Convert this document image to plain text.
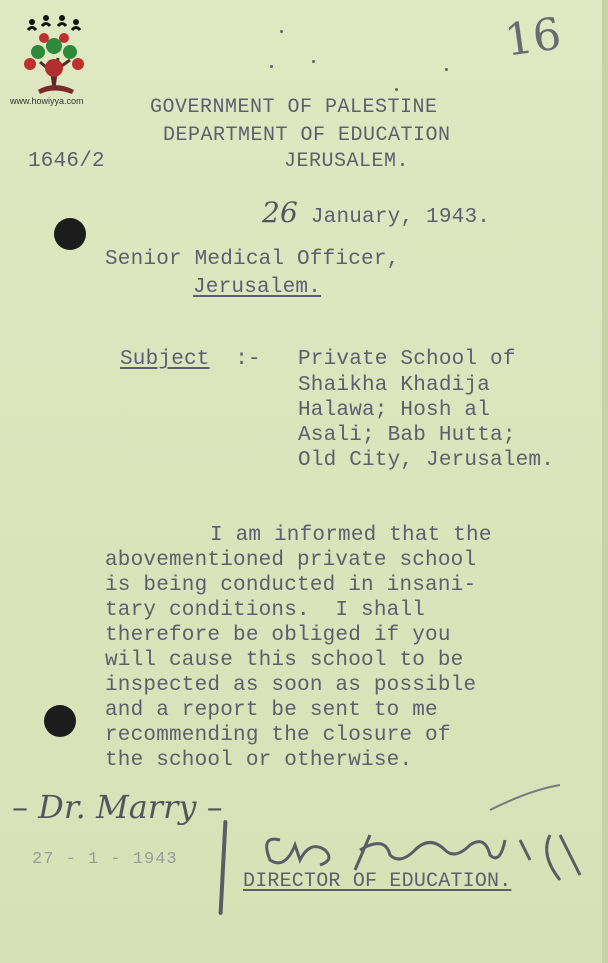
www.howiyya.com
16
GOVERNMENT OF PALESTINE
DEPARTMENT OF EDUCATION
JERUSALEM.
1646/2
26 January, 1943.
Senior Medical Officer,
Jerusalem.
Subject  :- Private School of
Shaikha Khadija
Halawa; Hosh al
Asali; Bab Hutta;
Old City, Jerusalem.
I am informed that the
abovementioned private school
is being conducted in insani-
tary conditions.  I shall
therefore be obliged if you
will cause this school to be
inspected as soon as possible
and a report be sent to me
recommending the closure of
the school or otherwise.
– Dr. Marry –
27 - 1 - 1943
DIRECTOR OF EDUCATION.
